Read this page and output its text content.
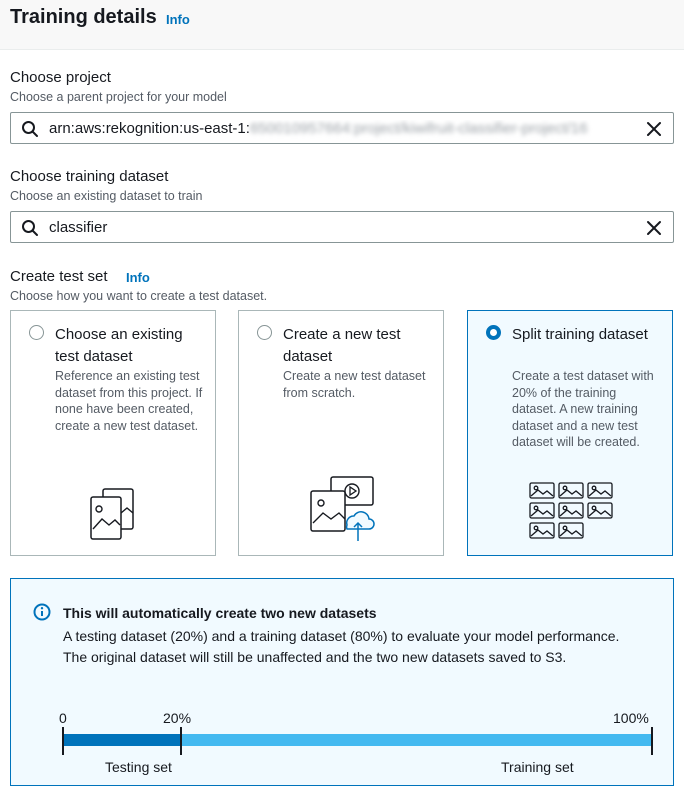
Training details Info
Choose project
Choose a parent project for your model
arn:aws:rekognition:us-east-1:650010957664:project/kiwifruit-classifier-project/16
Choose training dataset
Choose an existing dataset to train
classifier
Create test set Info
Choose how you want to create a test dataset.
Choose an existing test dataset
Reference an existing test dataset from this project. If none have been created, create a new test dataset.
Create a new test dataset
Create a new test dataset from scratch.
Split training dataset
Create a test dataset with 20% of the training dataset. A new training dataset and a new test dataset will be created.
This will automatically create two new datasets
A testing dataset (20%) and a training dataset (80%) to evaluate your model performance.
The original dataset will still be unaffected and the two new datasets saved to S3.
0	20%	100%
Testing set	Training set
